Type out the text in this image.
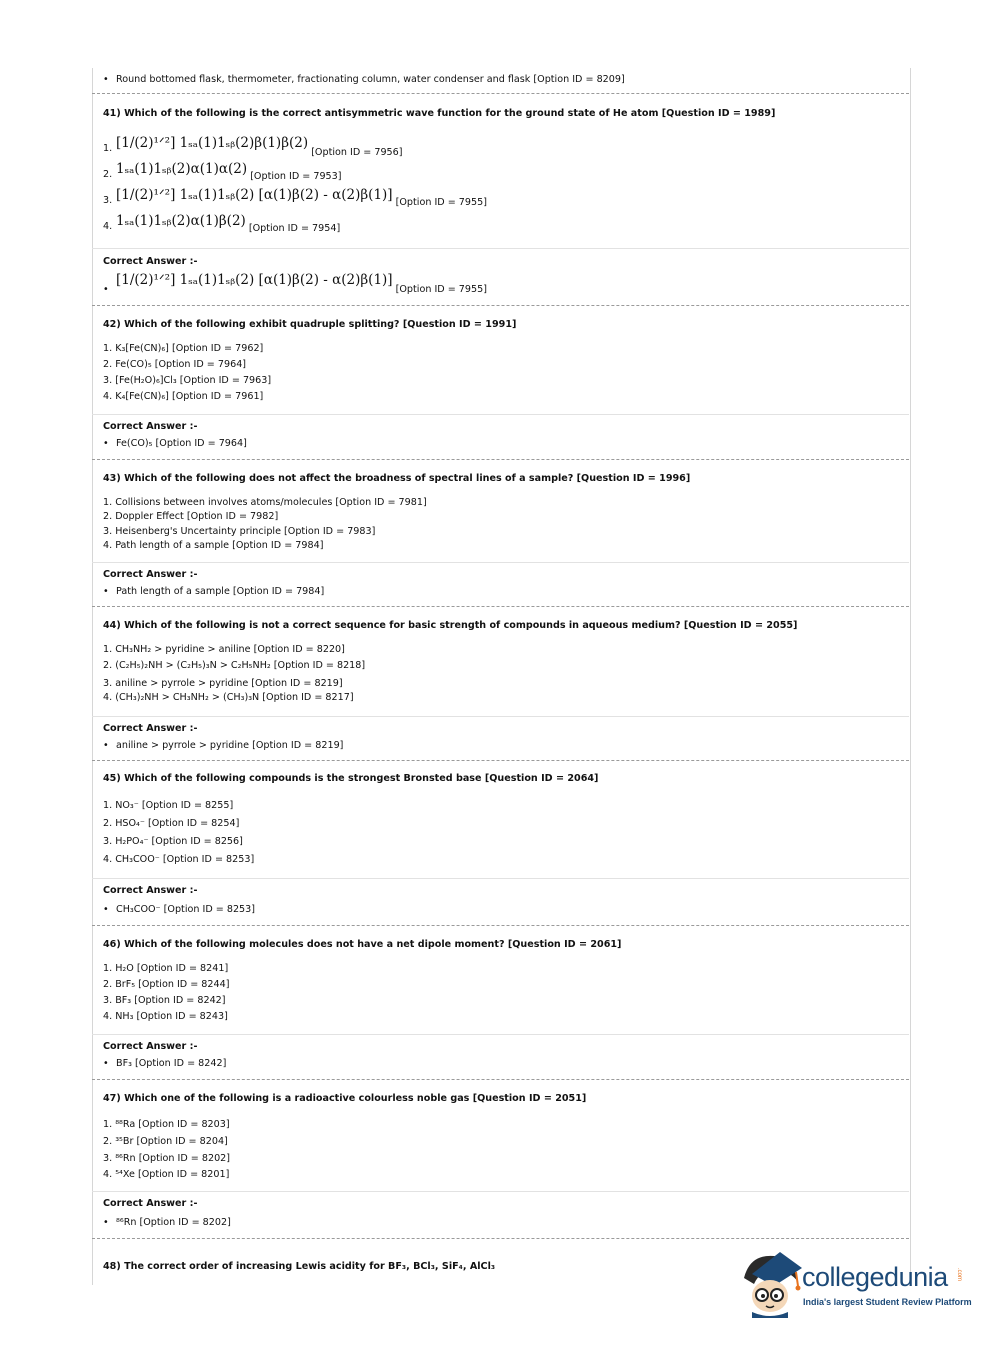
• Round bottomed flask, thermometer, fractionating column, water condenser and flask [Option ID = 8209]
41) Which of the following is the correct antisymmetric wave function for the ground state of He atom [Question ID = 1989]
1. [1/(2)¹ᐟ²] 1ₛₐ(1)1ₛᵦ(2)β(1)β(2) [Option ID = 7956]
2. 1ₛₐ(1)1ₛᵦ(2)α(1)α(2) [Option ID = 7953]
3. [1/(2)¹ᐟ²] 1ₛₐ(1)1ₛᵦ(2) [α(1)β(2) - α(2)β(1)] [Option ID = 7955]
4. 1ₛₐ(1)1ₛᵦ(2)α(1)β(2) [Option ID = 7954]
Correct Answer :-
•[1/(2)¹ᐟ²] 1ₛₐ(1)1ₛᵦ(2) [α(1)β(2) - α(2)β(1)] [Option ID = 7955]
42) Which of the following exhibit quadruple splitting? [Question ID = 1991]
1. K₃[Fe(CN)₆] [Option ID = 7962]
2. Fe(CO)₅ [Option ID = 7964]
3. [Fe(H₂O)₆]Cl₃ [Option ID = 7963]
4. K₄[Fe(CN)₆] [Option ID = 7961]
Correct Answer :-
• Fe(CO)₅ [Option ID = 7964]
43) Which of the following does not affect the broadness of spectral lines of a sample? [Question ID = 1996]
1. Collisions between involves atoms/molecules [Option ID = 7981]
2. Doppler Effect [Option ID = 7982]
3. Heisenberg's Uncertainty principle [Option ID = 7983]
4. Path length of a sample [Option ID = 7984]
Correct Answer :-
• Path length of a sample [Option ID = 7984]
44) Which of the following is not a correct sequence for basic strength of compounds in aqueous medium? [Question ID = 2055]
1. CH₃NH₂ > pyridine > aniline [Option ID = 8220]
2. (C₂H₅)₂NH > (C₂H₅)₃N > C₂H₅NH₂ [Option ID = 8218]
3. aniline > pyrrole > pyridine [Option ID = 8219]
4. (CH₃)₂NH > CH₃NH₂ > (CH₃)₃N [Option ID = 8217]
Correct Answer :-
• aniline > pyrrole > pyridine [Option ID = 8219]
45) Which of the following compounds is the strongest Bronsted base [Question ID = 2064]
1. NO₃⁻ [Option ID = 8255]
2. HSO₄⁻ [Option ID = 8254]
3. H₂PO₄⁻ [Option ID = 8256]
4. CH₃COO⁻ [Option ID = 8253]
Correct Answer :-
• CH₃COO⁻ [Option ID = 8253]
46) Which of the following molecules does not have a net dipole moment? [Question ID = 2061]
1. H₂O [Option ID = 8241]
2. BrF₅ [Option ID = 8244]
3. BF₃ [Option ID = 8242]
4. NH₃ [Option ID = 8243]
Correct Answer :-
• BF₃ [Option ID = 8242]
47) Which one of the following is a radioactive colourless noble gas [Question ID = 2051]
1. ⁸⁸Ra [Option ID = 8203]
2. ³⁵Br [Option ID = 8204]
3. ⁸⁶Rn [Option ID = 8202]
4. ⁵⁴Xe [Option ID = 8201]
Correct Answer :-
• ⁸⁶Rn [Option ID = 8202]
48) The correct order of increasing Lewis acidity for BF₃, BCl₃, SiF₄, AlCl₃	collegedunia .com
India's largest Student Review Platform
